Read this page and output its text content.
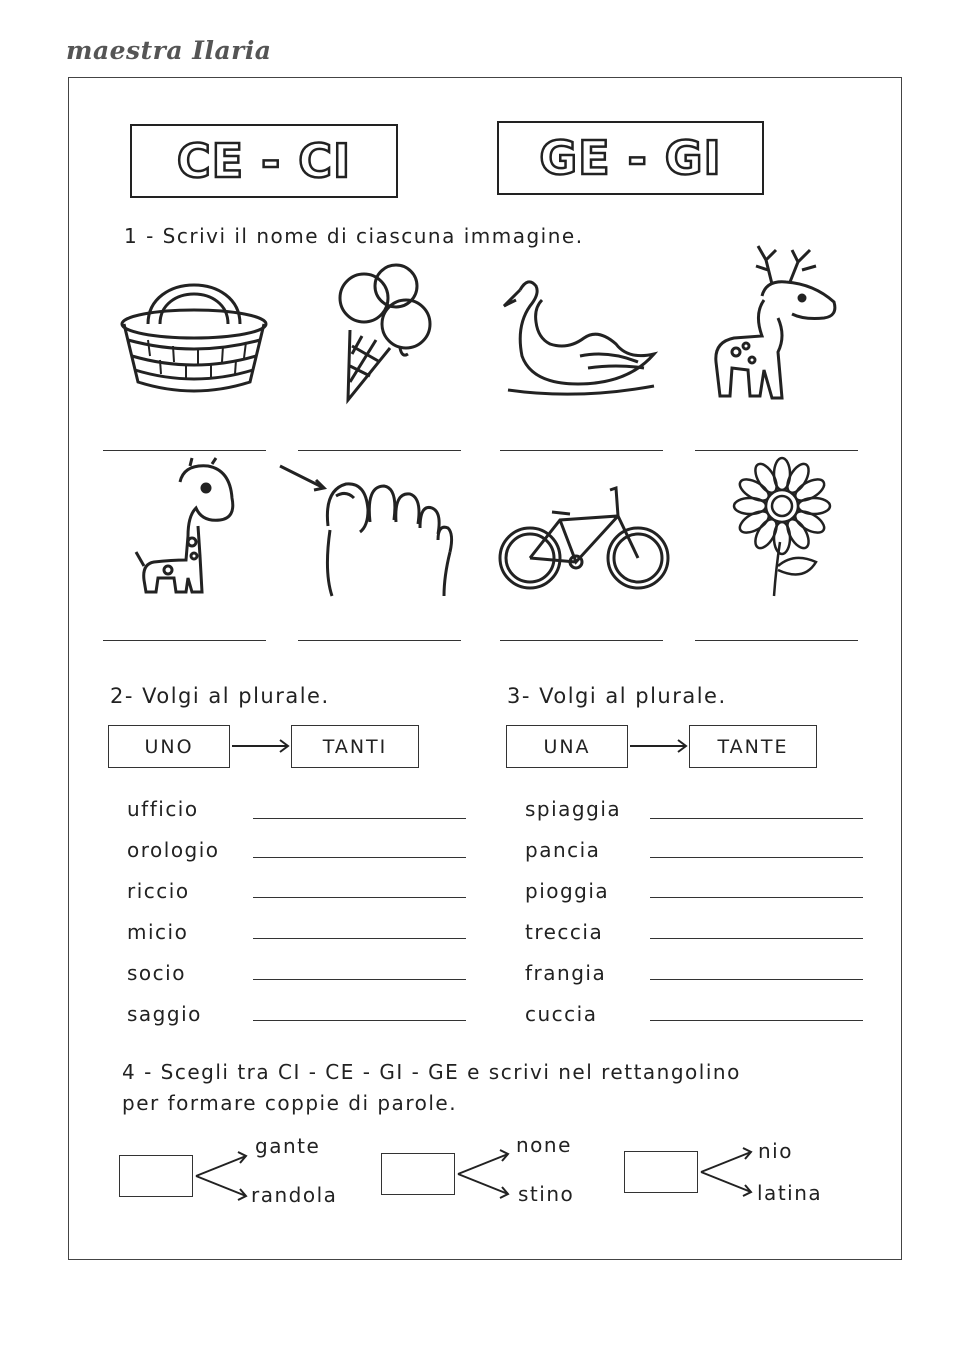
maestra Ilaria
CE - CI	GE - GI
1 - Scrivi il nome di ciascuna immagine.
2- Volgi al plurale.
UNO	TANTI
ufficio
orologio
riccio
micio
socio
saggio
3- Volgi al plurale.
UNA	TANTE
spiaggia
pancia
pioggia
treccia
frangia
cuccia
4 - Scegli tra CI - CE - GI - GE e scrivi nel rettangolino
per formare coppie di parole.
gante
randola
none
stino
nio
latina
